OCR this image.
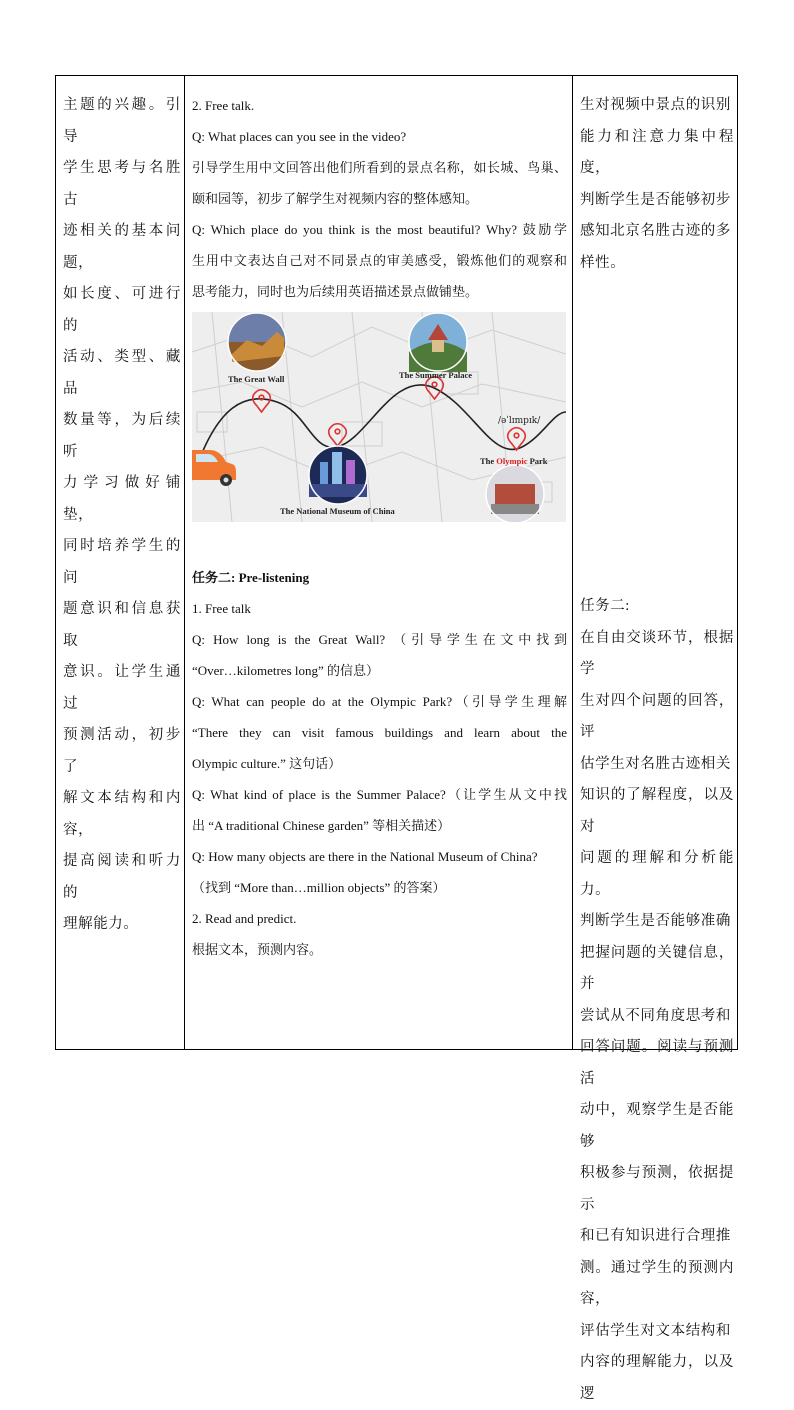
主题的兴趣。引导

学生思考与名胜古

迹相关的基本问题，

如长度、可进行的

活动、类型、藏品

数量等，为后续听

力学习做好铺垫，

同时培养学生的问

题意识和信息获取

意识。让学生通过

预测活动，初步了

解文本结构和内容，

提高阅读和听力的

理解能力。

2. Free talk.

Q: What places can you see in the video?

引导学生用中文回答出他们所看到的景点名称，如长城、鸟巢、

颐和园等，初步了解学生对视频内容的整体感知。

Q: Which place do you think is the most beautiful? Why? 鼓励学

生用中文表达自己对不同景点的审美感受，锻炼他们的观察和

思考能力，同时也为后续用英语描述景点做铺垫。

The Great Wall	The Summer Palace
The National Museum of China
/əˈlɪmpɪk/
The Olympic Park

任务二: Pre-listening

1. Free talk

Q: How long is the Great Wall? （引导学生在文中找到

“Over…kilometres long” 的信息）

Q: What can people do at the Olympic Park?（引导学生理解

“There they can visit famous buildings and learn about the

Olympic culture.” 这句话）

Q: What kind of place is the Summer Palace?（让学生从文中找

出 “A traditional Chinese garden” 等相关描述）

Q: How many objects are there in the National Museum of China?

（找到 “More than…million objects” 的答案）

2. Read and predict.

根据文本，预测内容。

生对视频中景点的识别

能力和注意力集中程度，

判断学生是否能够初步

感知北京名胜古迹的多

样性。

任务二:

在自由交谈环节，根据学

生对四个问题的回答，评

估学生对名胜古迹相关

知识的了解程度，以及对

问题的理解和分析能力。

判断学生是否能够准确

把握问题的关键信息，并

尝试从不同角度思考和

回答问题。阅读与预测活

动中，观察学生是否能够

积极参与预测，依据提示

和已有知识进行合理推

测。通过学生的预测内容，

评估学生对文本结构和

内容的理解能力，以及逻
